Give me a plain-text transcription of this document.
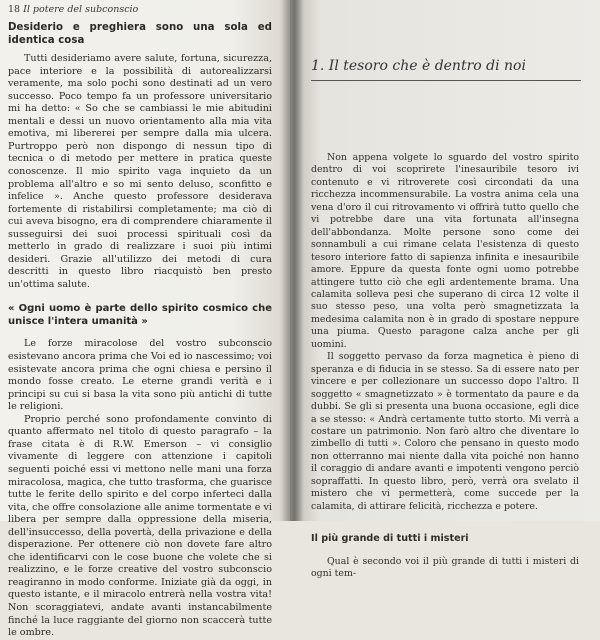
18 Il potere del subconscio
Desiderio e preghiera sono una sola ed identica cosa

Tutti desideriamo avere salute, fortuna, sicurezza, pace interiore e la possibilità di autorealizzarsi veramente, ma solo pochi sono destinati ad un vero successo. Poco tempo fa un professore universitario mi ha detto: « So che se cambiassi le mie abitudini mentali e dessi un nuovo orientamento alla mia vita emotiva, mi libererei per sempre dalla mia ulcera. Purtroppo però non dispongo di nessun tipo di tecnica o di metodo per mettere in pratica queste conoscenze. Il mio spirito vaga inquieto da un problema all'altro e so mi sento deluso, sconfitto e infelice ». Anche questo professore desiderava fortemente di ristabilirsi completamente; ma ciò di cui aveva bisogno, era di comprendere chiaramente il susseguirsi dei suoi processi spirituali così da metterlo in grado di realizzare i suoi più intimi desideri. Grazie all'utilizzo dei metodi di cura descritti in questo libro riacquistò ben presto un'ottima salute.

« Ogni uomo è parte dello spirito cosmico che unisce l'intera umanità »

Le forze miracolose del vostro subconscio esistevano ancora prima che Voi ed io nascessimo; voi esistevate ancora prima che ogni chiesa e persino il mondo fosse creato. Le eterne grandi verità e i principi su cui si basa la vita sono più antichi di tutte le religioni.

Proprio perché sono profondamente convinto di quanto affermato nel titolo di questo paragrafo – la frase citata è di R.W. Emerson – vi consiglio vivamente di leggere con attenzione i capitoli seguenti poiché essi vi mettono nelle mani una forza miracolosa, magica, che tutto trasforma, che guarisce tutte le ferite dello spirito e del corpo inferteci dalla vita, che offre consolazione alle anime tormentate e vi libera per sempre dalla oppressione della miseria, dell'insuccesso, della povertà, della privazione e della disperazione. Per ottenere ciò non dovete fare altro che identificarvi con le cose buone che volete che si realizzino, e le forze creative del vostro subconscio reagiranno in modo conforme. Iniziate già da oggi, in questo istante, e il miracolo entrerà nella vostra vita! Non scoraggiatevi, andate avanti instancabilmente finché la luce raggiante del giorno non scaccerà tutte le ombre.

1. Il tesoro che è dentro di noi

Non appena volgete lo sguardo del vostro spirito dentro di voi scoprirete l'inesauribile tesoro ivi contenuto e vi ritroverete così circondati da una ricchezza incommensurabile. La vostra anima cela una vena d'oro il cui ritrovamento vi offrirà tutto quello che vi potrebbe dare una vita fortunata all'insegna dell'abbondanza. Molte persone sono come dei sonnambuli a cui rimane celata l'esistenza di questo tesoro interiore fatto di sapienza infinita e inesauribile amore. Eppure da questa fonte ogni uomo potrebbe attingere tutto ciò che egli ardentemente brama. Una calamita solleva pesi che superano di circa 12 volte il suo stesso peso, una volta però smagnetizzata la medesima calamita non è in grado di spostare neppure una piuma. Questo paragone calza anche per gli uomini.

Il soggetto pervaso da forza magnetica è pieno di speranza e di fiducia in se stesso. Sa di essere nato per vincere e per collezionare un successo dopo l'altro. Il soggetto « smagnetizzato » è tormentato da paure e da dubbi. Se gli si presenta una buona occasione, egli dice a se stesso: « Andrà certamente tutto storto. Mi verrà a costare un patrimonio. Non farò altro che diventare lo zimbello di tutti ». Coloro che pensano in questo modo non otterranno mai niente dalla vita poiché non hanno il coraggio di andare avanti e impotenti vengono perciò sopraffatti. In questo libro, però, verrà ora svelato il mistero che vi permetterà, come succede per la calamita, di attirare felicità, ricchezza e potere.

Il più grande di tutti i misteri

Qual è secondo voi il più grande di tutti i misteri di ogni tem-
